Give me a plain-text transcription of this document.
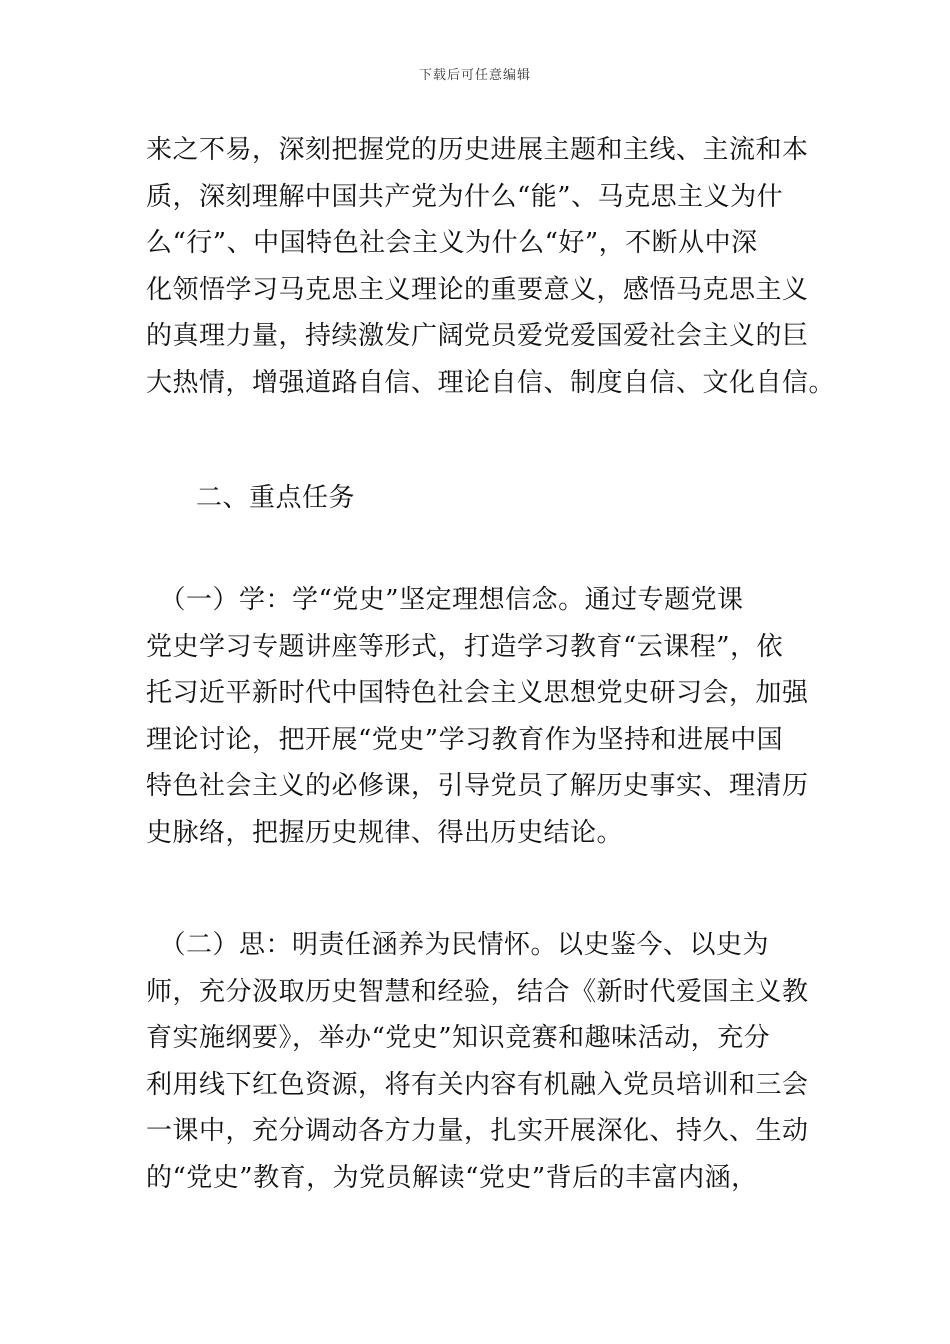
下载后可任意编辑
来之不易，深刻把握党的历史进展主题和主线、主流和本
质，深刻理解中国共产党为什么“能”、马克思主义为什
么“行”、中国特色社会主义为什么“好”，不断从中深
化领悟学习马克思主义理论的重要意义，感悟马克思主义
的真理力量，持续激发广阔党员爱党爱国爱社会主义的巨
大热情，增强道路自信、理论自信、制度自信、文化自信。
二、重点任务
　（一）学：学“党史”坚定理想信念。通过专题党课
党史学习专题讲座等形式，打造学习教育“云课程”，依
托习近平新时代中国特色社会主义思想党史研习会，加强
理论讨论，把开展“党史”学习教育作为坚持和进展中国
特色社会主义的必修课，引导党员了解历史事实、理清历
史脉络，把握历史规律、得出历史结论。
　（二）思：明责任涵养为民情怀。以史鉴今、以史为
师，充分汲取历史智慧和经验，结合《新时代爱国主义教
育实施纲要》，举办“党史”知识竞赛和趣味活动，充分
利用线下红色资源，将有关内容有机融入党员培训和三会
一课中，充分调动各方力量，扎实开展深化、持久、生动
的“党史”教育，为党员解读“党史”背后的丰富内涵，
